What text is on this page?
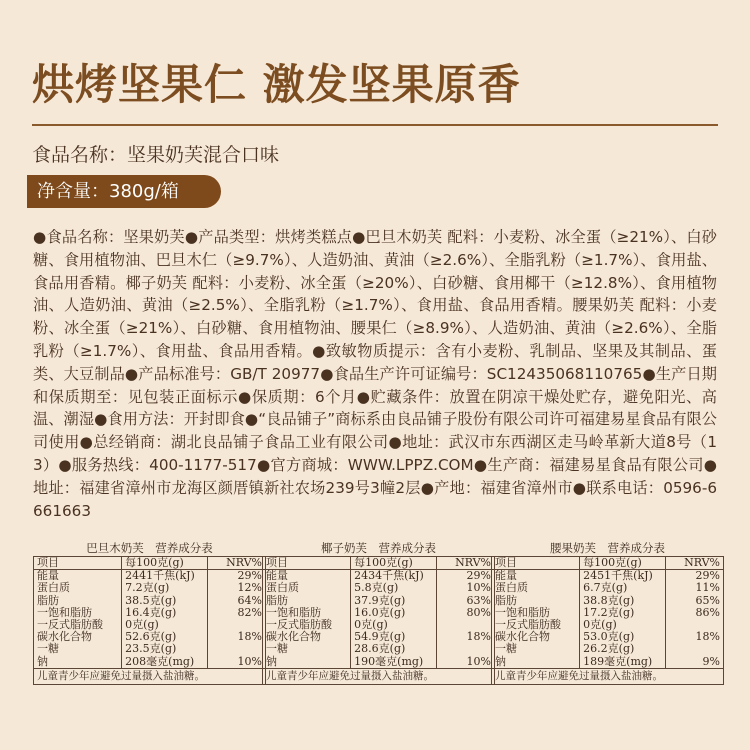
烘烤坚果仁 激发坚果原香
食品名称：坚果奶芙混合口味
净含量：380g/箱
●食品名称：坚果奶芙●产品类型：烘烤类糕点●巴旦木奶芙 配料：小麦粉、冰全蛋（≥21%）、白砂糖、食用植物油、巴旦木仁（≥9.7%）、人造奶油、黄油（≥2.6%）、全脂乳粉（≥1.7%）、食用盐、食品用香精。椰子奶芙 配料：小麦粉、冰全蛋（≥20%）、白砂糖、食用椰干（≥12.8%）、食用植物油、人造奶油、黄油（≥2.5%）、全脂乳粉（≥1.7%）、食用盐、食品用香精。腰果奶芙 配料：小麦粉、冰全蛋（≥21%）、白砂糖、食用植物油、腰果仁（≥8.9%）、人造奶油、黄油（≥2.6%）、全脂乳粉（≥1.7%）、食用盐、食品用香精。●致敏物质提示：含有小麦粉、乳制品、坚果及其制品、蛋类、大豆制品●产品标准号：GB/T 20977●食品生产许可证编号：SC12435068110765●生产日期和保质期至：见包装正面标示●保质期：6个月●贮藏条件：放置在阴凉干燥处贮存，避免阳光、高温、潮湿●食用方法：开封即食●“良品铺子”商标系由良品铺子股份有限公司许可福建易星食品有限公司使用●总经销商：湖北良品铺子食品工业有限公司●地址：武汉市东西湖区走马岭革新大道8号（13）●服务热线：400-1177-517●官方商城：WWW.LPPZ.COM●生产商：福建易星食品有限公司●地址：福建省漳州市龙海区颜厝镇新社农场239号3幢2层●产地：福建省漳州市●联系电话：0596-6661663
巴旦木奶芙　营养成分表
项目	每100克(g)	NRV%
能量	2441千焦(kJ)	29%
蛋白质	7.2克(g)	12%
脂肪	38.5克(g)	64%
一饱和脂肪	16.4克(g)	82%
一反式脂肪酸	0克(g)	
碳水化合物	52.6克(g)	18%
一糖	23.5克(g)	
钠	208毫克(mg)	10%
儿童青少年应避免过量摄入盐油糖。		
椰子奶芙　营养成分表
项目	每100克(g)	NRV%
能量	2434千焦(kJ)	29%
蛋白质	5.8克(g)	10%
脂肪	37.9克(g)	63%
一饱和脂肪	16.0克(g)	80%
一反式脂肪酸	0克(g)	
碳水化合物	54.9克(g)	18%
一糖	28.6克(g)	
钠	190毫克(mg)	10%
儿童青少年应避免过量摄入盐油糖。		
腰果奶芙　营养成分表
项目	每100克(g)	NRV%
能量	2451千焦(kJ)	29%
蛋白质	6.7克(g)	11%
脂肪	38.8克(g)	65%
一饱和脂肪	17.2克(g)	86%
一反式脂肪酸	0克(g)	
碳水化合物	53.0克(g)	18%
一糖	26.2克(g)	
钠	189毫克(mg)	9%
儿童青少年应避免过量摄入盐油糖。		
